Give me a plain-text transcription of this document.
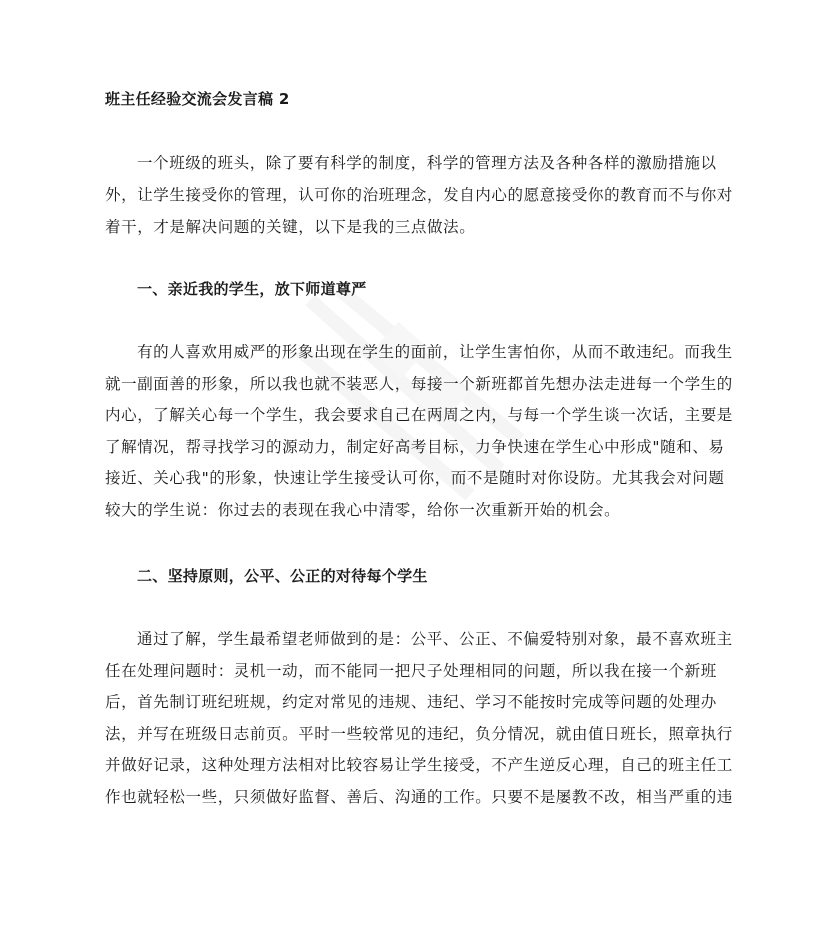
班主任经验交流会发言稿 2
一个班级的班头，除了要有科学的制度，科学的管理方法及各种各样的激励措施以
外，让学生接受你的管理，认可你的治班理念，发自内心的愿意接受你的教育而不与你对
着干，才是解决问题的关键，以下是我的三点做法。
一、亲近我的学生，放下师道尊严
有的人喜欢用威严的形象出现在学生的面前，让学生害怕你，从而不敢违纪。而我生
就一副面善的形象，所以我也就不装恶人，每接一个新班都首先想办法走进每一个学生的
内心，了解关心每一个学生，我会要求自己在两周之内，与每一个学生谈一次话，主要是
了解情况，帮寻找学习的源动力，制定好高考目标，力争快速在学生心中形成"随和、易
接近、关心我"的形象，快速让学生接受认可你，而不是随时对你设防。尤其我会对问题
较大的学生说：你过去的表现在我心中清零，给你一次重新开始的机会。
二、坚持原则，公平、公正的对待每个学生
通过了解，学生最希望老师做到的是：公平、公正、不偏爱特别对象，最不喜欢班主
任在处理问题时：灵机一动，而不能同一把尺子处理相同的问题，所以我在接一个新班
后，首先制订班纪班规，约定对常见的违规、违纪、学习不能按时完成等问题的处理办
法，并写在班级日志前页。平时一些较常见的违纪，负分情况，就由值日班长，照章执行
并做好记录，这种处理方法相对比较容易让学生接受，不产生逆反心理，自己的班主任工
作也就轻松一些，只须做好监督、善后、沟通的工作。只要不是屡教不改，相当严重的违
